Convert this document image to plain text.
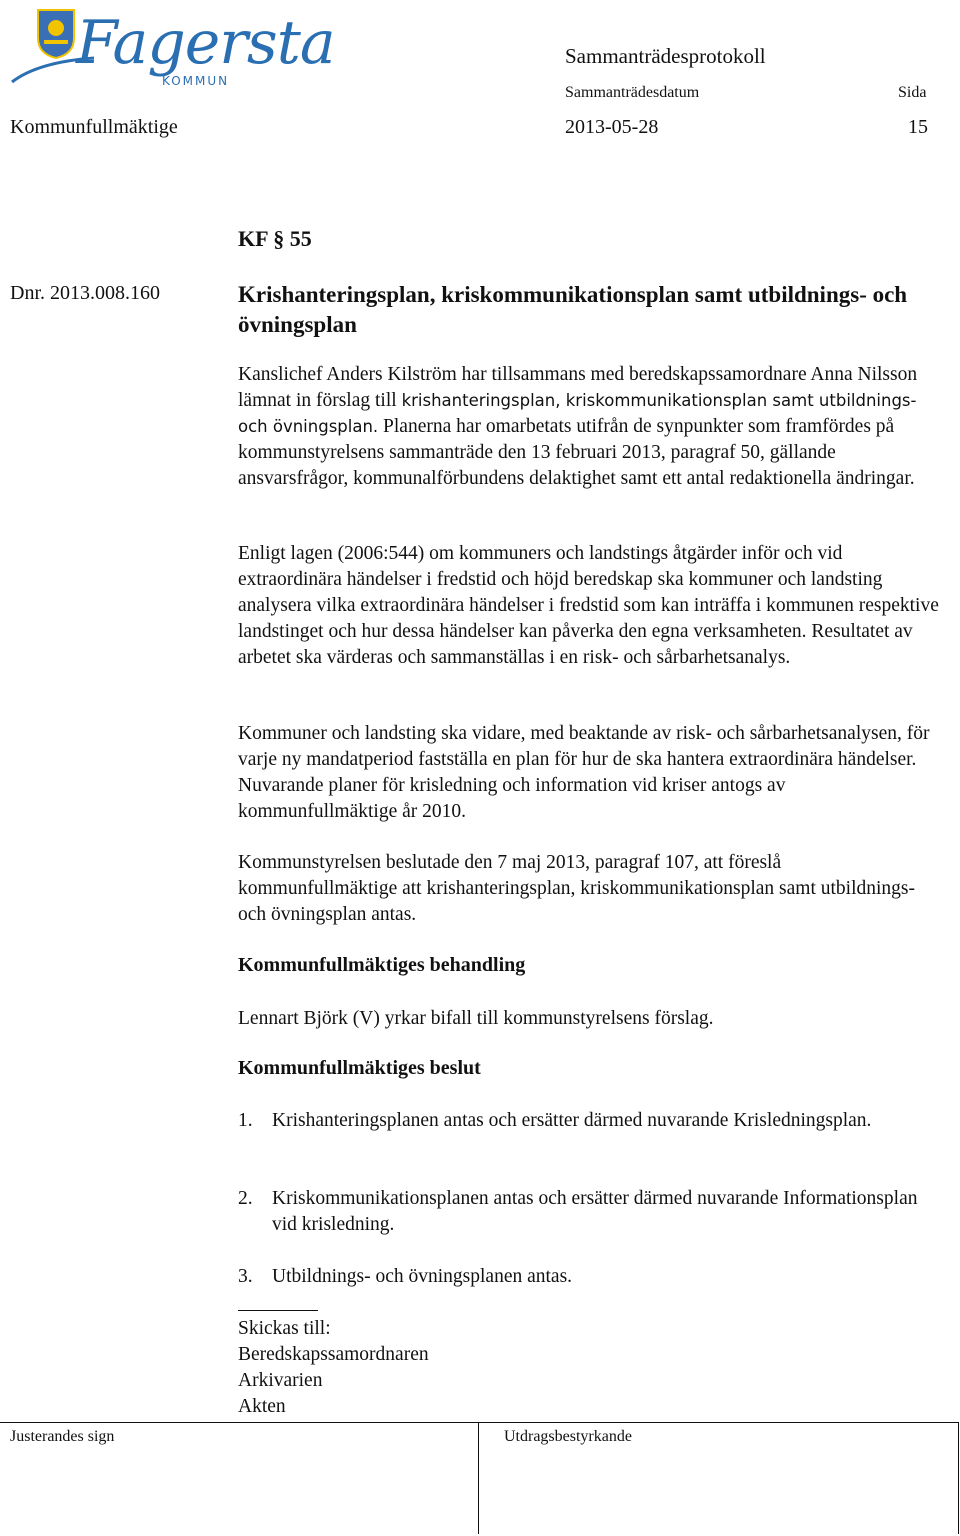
Fagersta
KOMMUN
Sammanträdesprotokoll
Sammanträdesdatum	Sida
Kommunfullmäktige	2013-05-28	15
KF § 55
Dnr. 2013.008.160	Krishanteringsplan, kriskommunikationsplan samt utbildnings- och övningsplan

Kanslichef Anders Kilström har tillsammans med beredskapssamordnare Anna Nilsson lämnat in förslag till krishanteringsplan, kriskommunikationsplan samt utbildnings- och övningsplan. Planerna har omarbetats utifrån de synpunkter som framfördes på kommunstyrelsens sammanträde den 13 februari 2013, paragraf 50, gällande ansvarsfrågor, kommunalförbundens delaktighet samt ett antal redaktionella ändringar.

Enligt lagen (2006:544) om kommuners och landstings åtgärder inför och vid extraordinära händelser i fredstid och höjd beredskap ska kommuner och landsting analysera vilka extraordinära händelser i fredstid som kan inträffa i kommunen respektive landstinget och hur dessa händelser kan påverka den egna verksamheten. Resultatet av arbetet ska värderas och sammanställas i en risk- och sårbarhetsanalys.

Kommuner och landsting ska vidare, med beaktande av risk- och sårbarhetsanalysen, för varje ny mandatperiod fastställa en plan för hur de ska hantera extraordinära händelser. Nuvarande planer för krisledning och information vid kriser antogs av kommunfullmäktige år 2010.

Kommunstyrelsen beslutade den 7 maj 2013, paragraf 107, att föreslå kommunfullmäktige att krishanteringsplan, kriskommunikationsplan samt utbildnings- och övningsplan antas.

Kommunfullmäktiges behandling
Lennart Björk (V) yrkar bifall till kommunstyrelsens förslag.
Kommunfullmäktiges beslut
1. Krishanteringsplanen antas och ersätter därmed nuvarande Krisledningsplan.
2. Kriskommunikationsplanen antas och ersätter därmed nuvarande Informationsplan vid krisledning.
3. Utbildnings- och övningsplanen antas.
Skickas till:
Beredskapssamordnaren
Arkivarien
Akten
Justerandes sign	Utdragsbestyrkande
